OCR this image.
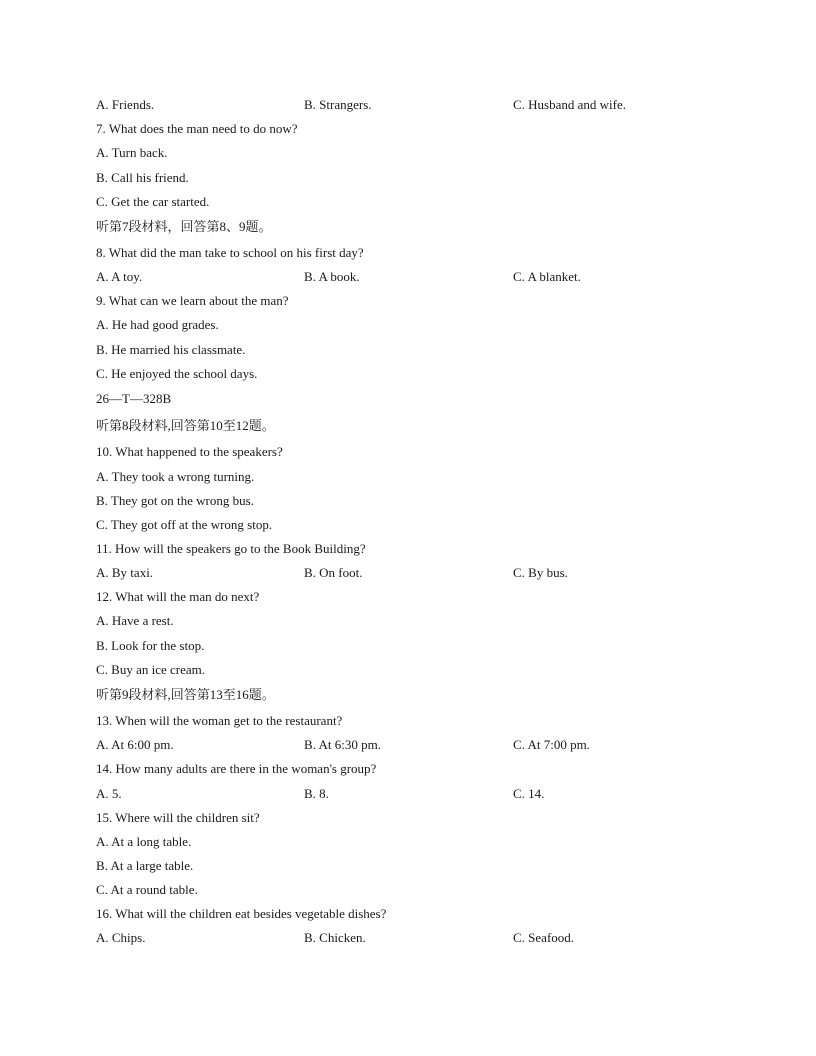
A. Friends.	B. Strangers.	C. Husband and wife.
7. What does the man need to do now?
A. Turn back.
B. Call his friend.
C. Get the car started.
听第7段材料，回答第8、9题。
8. What did the man take to school on his first day?
A. A toy.	B. A book.	C. A blanket.
9. What can we learn about the man?
A. He had good grades.
B. He married his classmate.
C. He enjoyed the school days.
26—T—328B
听第8段材料,回答第10至12题。
10. What happened to the speakers?
A. They took a wrong turning.
B. They got on the wrong bus.
C. They got off at the wrong stop.
11. How will the speakers go to the Book Building?
A. By taxi.	B. On foot.	C. By bus.
12. What will the man do next?
A. Have a rest.
B. Look for the stop.
C. Buy an ice cream.
听第9段材料,回答第13至16题。
13. When will the woman get to the restaurant?
A. At 6:00 pm.	B. At 6:30 pm.	C. At 7:00 pm.
14. How many adults are there in the woman's group?
A. 5.	B. 8.	C. 14.
15. Where will the children sit?
A. At a long table.
B. At a large table.
C. At a round table.
16. What will the children eat besides vegetable dishes?
A. Chips.	B. Chicken.	C. Seafood.
